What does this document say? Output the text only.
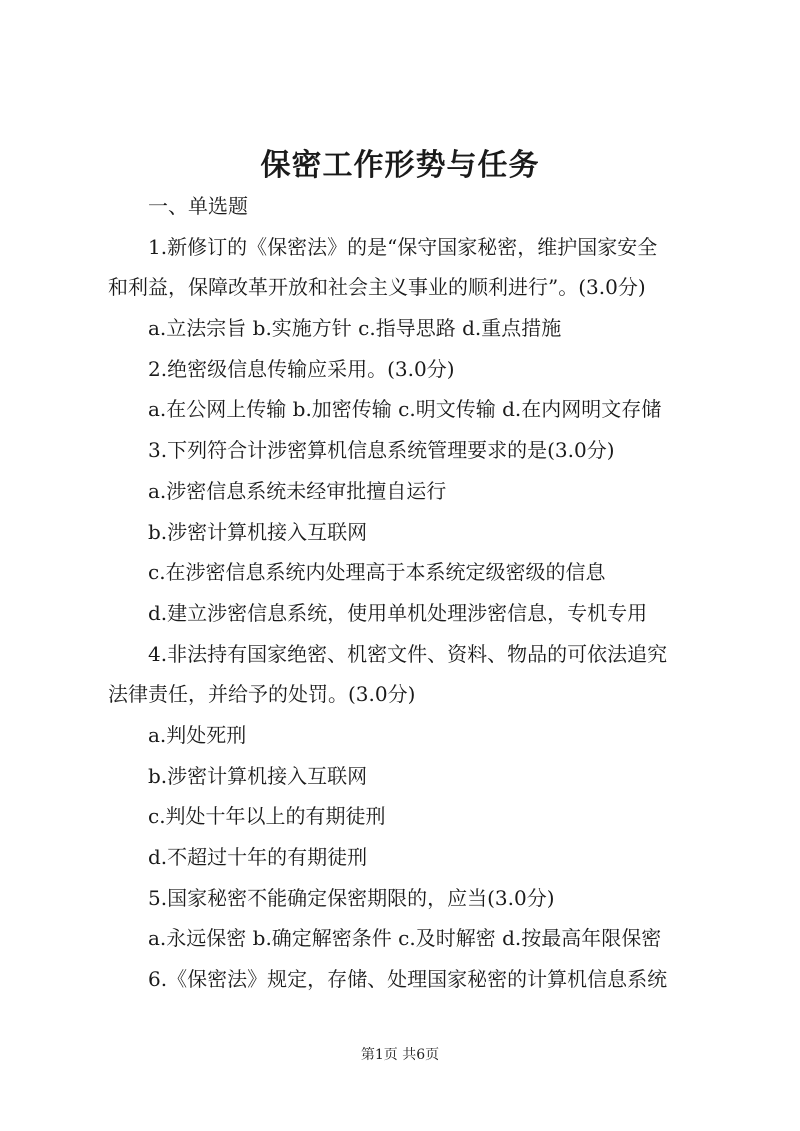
保密工作形势与任务
一、单选题
1.新修订的《保密法》的是“保守国家秘密，维护国家安全
和利益，保障改革开放和社会主义事业的顺利进行”。(3.0分)
a.立法宗旨 b.实施方针 c.指导思路 d.重点措施
2.绝密级信息传输应采用。(3.0分)
a.在公网上传输 b.加密传输 c.明文传输 d.在内网明文存储
3.下列符合计涉密算机信息系统管理要求的是(3.0分)
a.涉密信息系统未经审批擅自运行
b.涉密计算机接入互联网
c.在涉密信息系统内处理高于本系统定级密级的信息
d.建立涉密信息系统，使用单机处理涉密信息，专机专用
4.非法持有国家绝密、机密文件、资料、物品的可依法追究
法律责任，并给予的处罚。(3.0分)
a.判处死刑
b.涉密计算机接入互联网
c.判处十年以上的有期徒刑
d.不超过十年的有期徒刑
5.国家秘密不能确定保密期限的，应当(3.0分)
a.永远保密 b.确定解密条件 c.及时解密 d.按最高年限保密
6.《保密法》规定，存储、处理国家秘密的计算机信息系统
第1页 共6页
